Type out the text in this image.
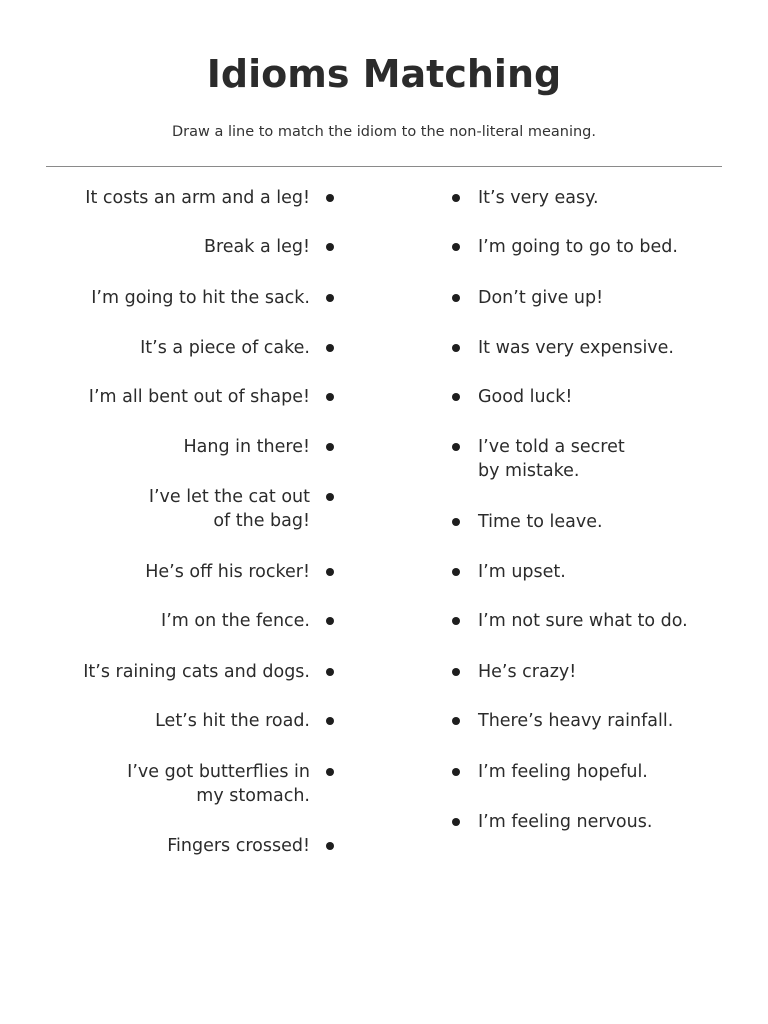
Idioms Matching
Draw a line to match the idiom to the non-literal meaning.
It costs an arm and a leg!
Break a leg!
I’m going to hit the sack.
It’s a piece of cake.
I’m all bent out of shape!
Hang in there!
I’ve let the cat out
of the bag!
He’s off his rocker!
I’m on the fence.
It’s raining cats and dogs.
Let’s hit the road.
I’ve got butterflies in
my stomach.
Fingers crossed!
It’s very easy.
I’m going to go to bed.
Don’t give up!
It was very expensive.
Good luck!
I’ve told a secret
by mistake.
Time to leave.
I’m upset.
I’m not sure what to do.
He’s crazy!
There’s heavy rainfall.
I’m feeling hopeful.
I’m feeling nervous.
